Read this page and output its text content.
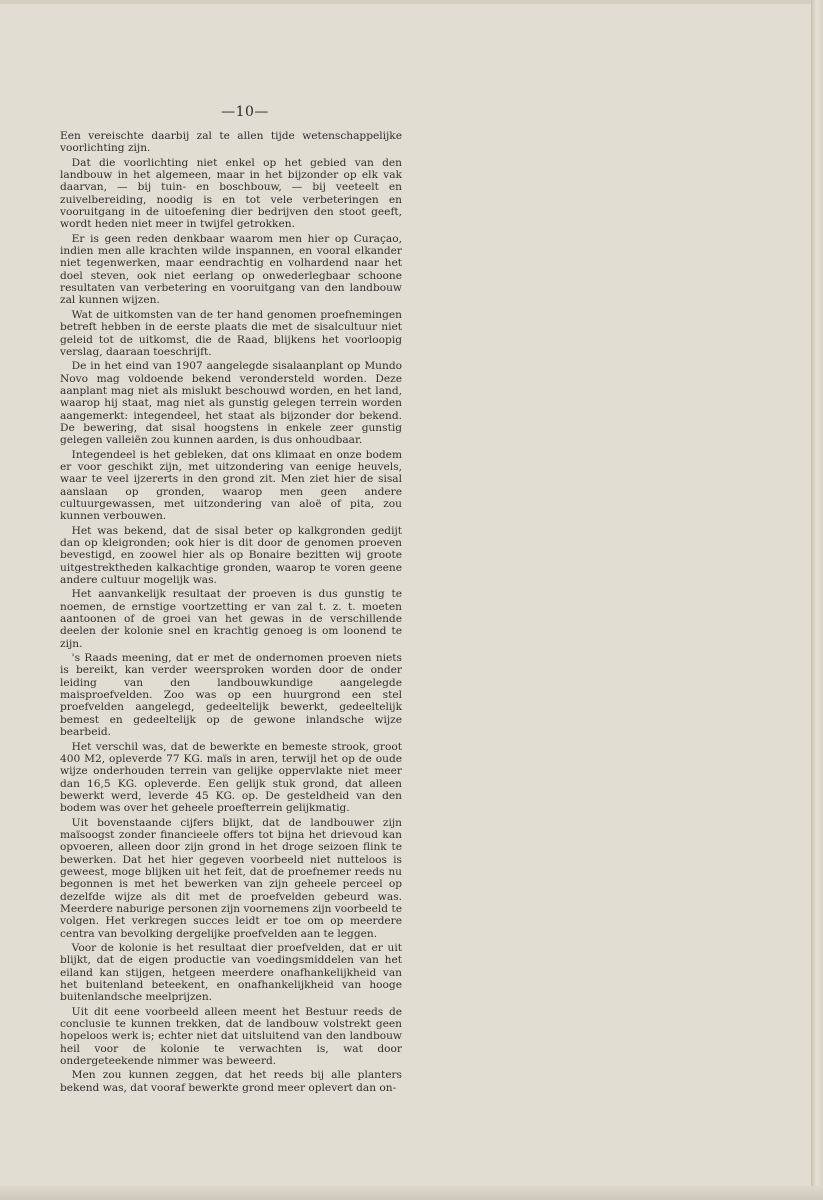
—10—

Een vereischte daarbij zal te allen tijde wetenschappelijke voorlichting zijn.

Dat die voorlichting niet enkel op het gebied van den landbouw in het algemeen, maar in het bijzonder op elk vak daarvan, — bij tuin- en boschbouw, — bij veeteelt en zuivelbereiding, noodig is en tot vele verbeteringen en vooruitgang in de uitoefening dier bedrijven den stoot geeft, wordt heden niet meer in twijfel getrokken.

Er is geen reden denkbaar waarom men hier op Curaçao, indien men alle krachten wilde inspannen, en vooral elkander niet tegenwerken, maar eendrachtig en volhardend naar het doel steven, ook niet eerlang op onwederlegbaar schoone resultaten van verbetering en vooruitgang van den landbouw zal kunnen wijzen.

Wat de uitkomsten van de ter hand genomen proefnemingen betreft hebben in de eerste plaats die met de sisalcultuur niet geleid tot de uitkomst, die de Raad, blijkens het voorloopig verslag, daaraan toeschrijft.

De in het eind van 1907 aangelegde sisalaanplant op Mundo Novo mag voldoende bekend verondersteld worden. Deze aanplant mag niet als mislukt beschouwd worden, en het land, waarop hij staat, mag niet als gunstig gelegen terrein worden aangemerkt: integendeel, het staat als bijzonder dor bekend. De bewering, dat sisal hoogstens in enkele zeer gunstig gelegen valleiën zou kunnen aarden, is dus onhoudbaar.

Integendeel is het gebleken, dat ons klimaat en onze bodem er voor geschikt zijn, met uitzondering van eenige heuvels, waar te veel ijzererts in den grond zit. Men ziet hier de sisal aanslaan op gronden, waarop men geen andere cultuurgewassen, met uitzondering van aloë of pita, zou kunnen verbouwen.

Het was bekend, dat de sisal beter op kalkgronden gedijt dan op kleigronden; ook hier is dit door de genomen proeven bevestigd, en zoowel hier als op Bonaire bezitten wij groote uitgestrektheden kalkachtige gronden, waarop te voren geene andere cultuur mogelijk was.

Het aanvankelijk resultaat der proeven is dus gunstig te noemen, de ernstige voortzetting er van zal t. z. t. moeten aantoonen of de groei van het gewas in de verschillende deelen der kolonie snel en krachtig genoeg is om loonend te zijn.

's Raads meening, dat er met de ondernomen proeven niets is bereikt, kan verder weersproken worden door de onder leiding van den landbouwkundige aangelegde maisproefvelden. Zoo was op een huurgrond een stel proefvelden aangelegd, gedeeltelijk bewerkt, gedeeltelijk bemest en gedeeltelijk op de gewone inlandsche wijze bearbeid.

Het verschil was, dat de bewerkte en bemeste strook, groot 400 M2, opleverde 77 KG. maïs in aren, terwijl het op de oude wijze onderhouden terrein van gelijke oppervlakte niet meer dan 16,5 KG. opleverde. Een gelijk stuk grond, dat alleen bewerkt werd, leverde 45 KG. op. De gesteldheid van den bodem was over het geheele proefterrein gelijkmatig.

Uit bovenstaande cijfers blijkt, dat de landbouwer zijn maïsoogst zonder financieele offers tot bijna het drievoud kan opvoeren, alleen door zijn grond in het droge seizoen flink te bewerken. Dat het hier gegeven voorbeeld niet nutteloos is geweest, moge blijken uit het feit, dat de proefnemer reeds nu begonnen is met het bewerken van zijn geheele perceel op dezelfde wijze als dit met de proefvelden gebeurd was. Meerdere naburige personen zijn voornemens zijn voorbeeld te volgen. Het verkregen succes leidt er toe om op meerdere centra van bevolking dergelijke proefvelden aan te leggen.

Voor de kolonie is het resultaat dier proefvelden, dat er uit blijkt, dat de eigen productie van voedingsmiddelen van het eiland kan stijgen, hetgeen meerdere onafhankelijkheid van het buitenland beteekent, en onafhankelijkheid van hooge buitenlandsche meelprijzen.

Uit dit eene voorbeeld alleen meent het Bestuur reeds de conclusie te kunnen trekken, dat de landbouw volstrekt geen hopeloos werk is; echter niet dat uitsluitend van den landbouw heil voor de kolonie te verwachten is, wat door ondergeteekende nimmer was beweerd.

Men zou kunnen zeggen, dat het reeds bij alle planters bekend was, dat vooraf bewerkte grond meer oplevert dan on-
